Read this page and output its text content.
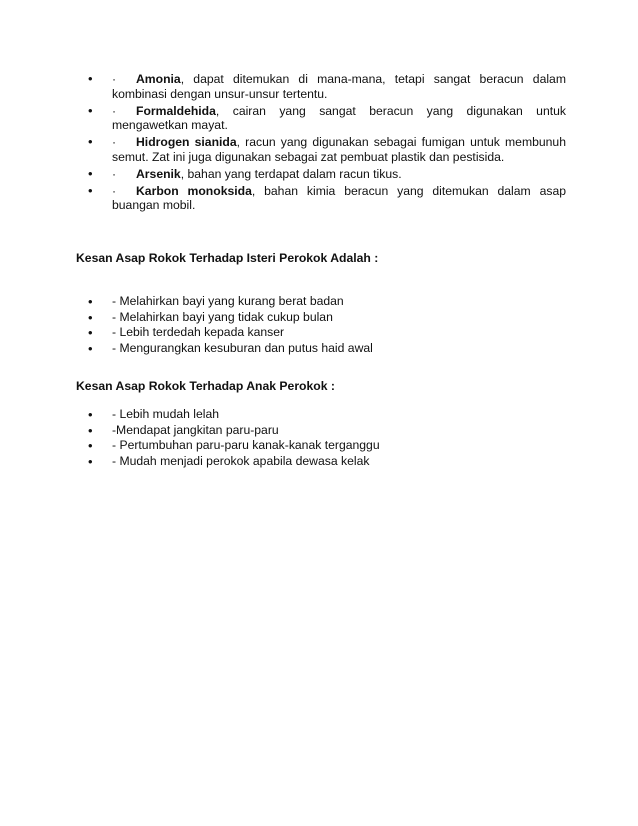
• · Amonia, dapat ditemukan di mana-mana, tetapi sangat beracun dalam kombinasi dengan unsur-unsur tertentu.
• · Formaldehida, cairan yang sangat beracun yang digunakan untuk mengawetkan mayat.
• · Hidrogen sianida, racun yang digunakan sebagai fumigan untuk membunuh semut. Zat ini juga digunakan sebagai zat pembuat plastik dan pestisida.
• · Arsenik, bahan yang terdapat dalam racun tikus.
• · Karbon monoksida, bahan kimia beracun yang ditemukan dalam asap buangan mobil.
Kesan Asap Rokok Terhadap Isteri Perokok Adalah :
• - Melahirkan bayi yang kurang berat badan
• - Melahirkan bayi yang tidak cukup bulan
• - Lebih terdedah kepada kanser
• - Mengurangkan kesuburan dan putus haid awal
Kesan Asap Rokok Terhadap Anak Perokok :
• - Lebih mudah lelah
• -Mendapat jangkitan paru-paru
• - Pertumbuhan paru-paru kanak-kanak terganggu
• - Mudah menjadi perokok apabila dewasa kelak
